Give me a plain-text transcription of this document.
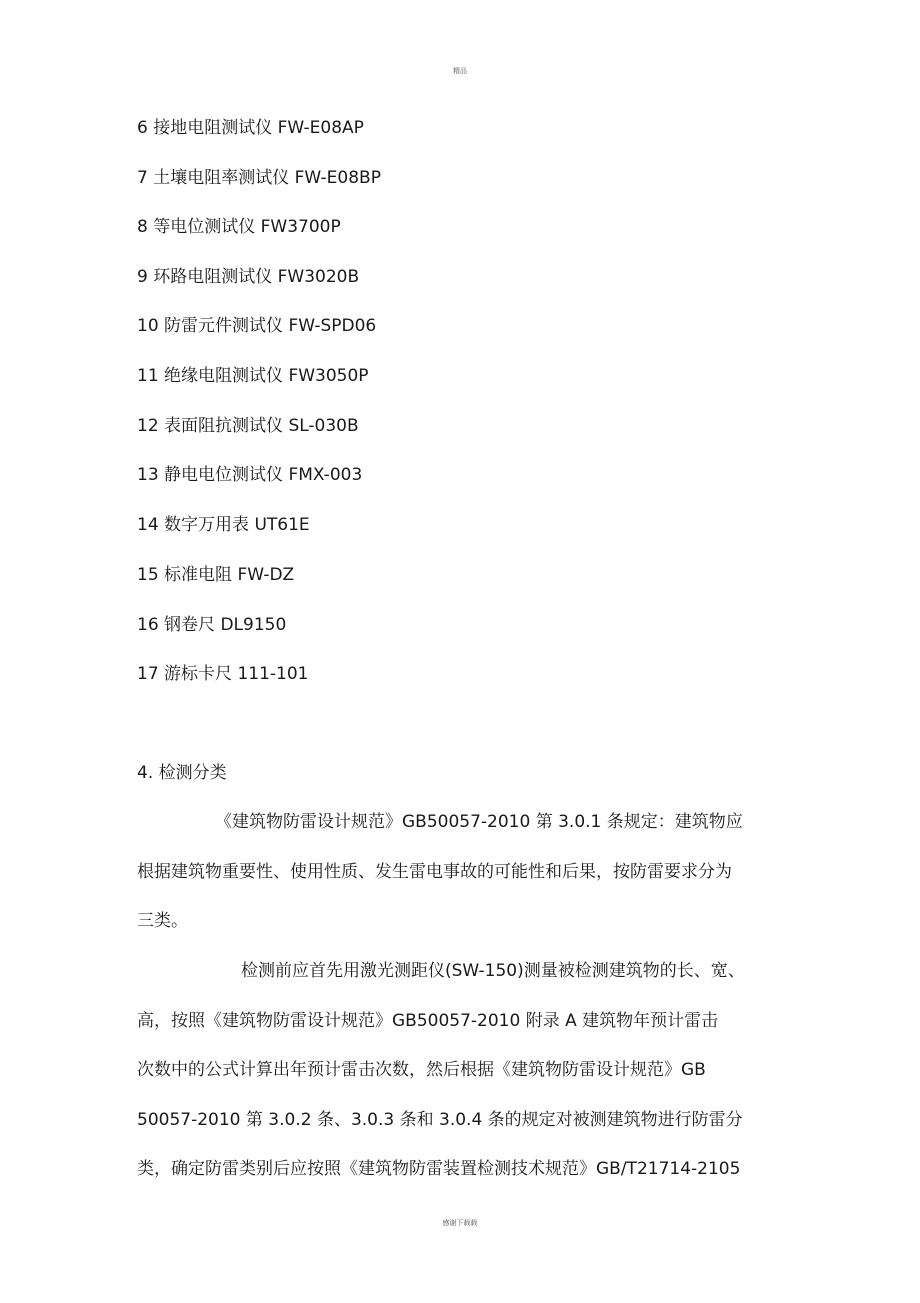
精品
6 接地电阻测试仪 FW-E08AP
7 土壤电阻率测试仪 FW-E08BP
8 等电位测试仪 FW3700P
9 环路电阻测试仪 FW3020B
10 防雷元件测试仪 FW-SPD06
11 绝缘电阻测试仪 FW3050P
12 表面阻抗测试仪 SL-030B
13 静电电位测试仪 FMX-003
14 数字万用表 UT61E
15 标准电阻 FW-DZ
16 钢卷尺 DL9150
17 游标卡尺 111-101
4. 检测分类
《建筑物防雷设计规范》GB50057-2010 第 3.0.1 条规定：建筑物应
根据建筑物重要性、使用性质、发生雷电事故的可能性和后果，按防雷要求分为
三类。
检测前应首先用激光测距仪(SW-150)测量被检测建筑物的长、宽、
高，按照《建筑物防雷设计规范》GB50057-2010 附录 A 建筑物年预计雷击
次数中的公式计算出年预计雷击次数，然后根据《建筑物防雷设计规范》GB
50057-2010 第 3.0.2 条、3.0.3 条和 3.0.4 条的规定对被测建筑物进行防雷分
类，确定防雷类别后应按照《建筑物防雷装置检测技术规范》GB/T21714-2105
感谢下载载
